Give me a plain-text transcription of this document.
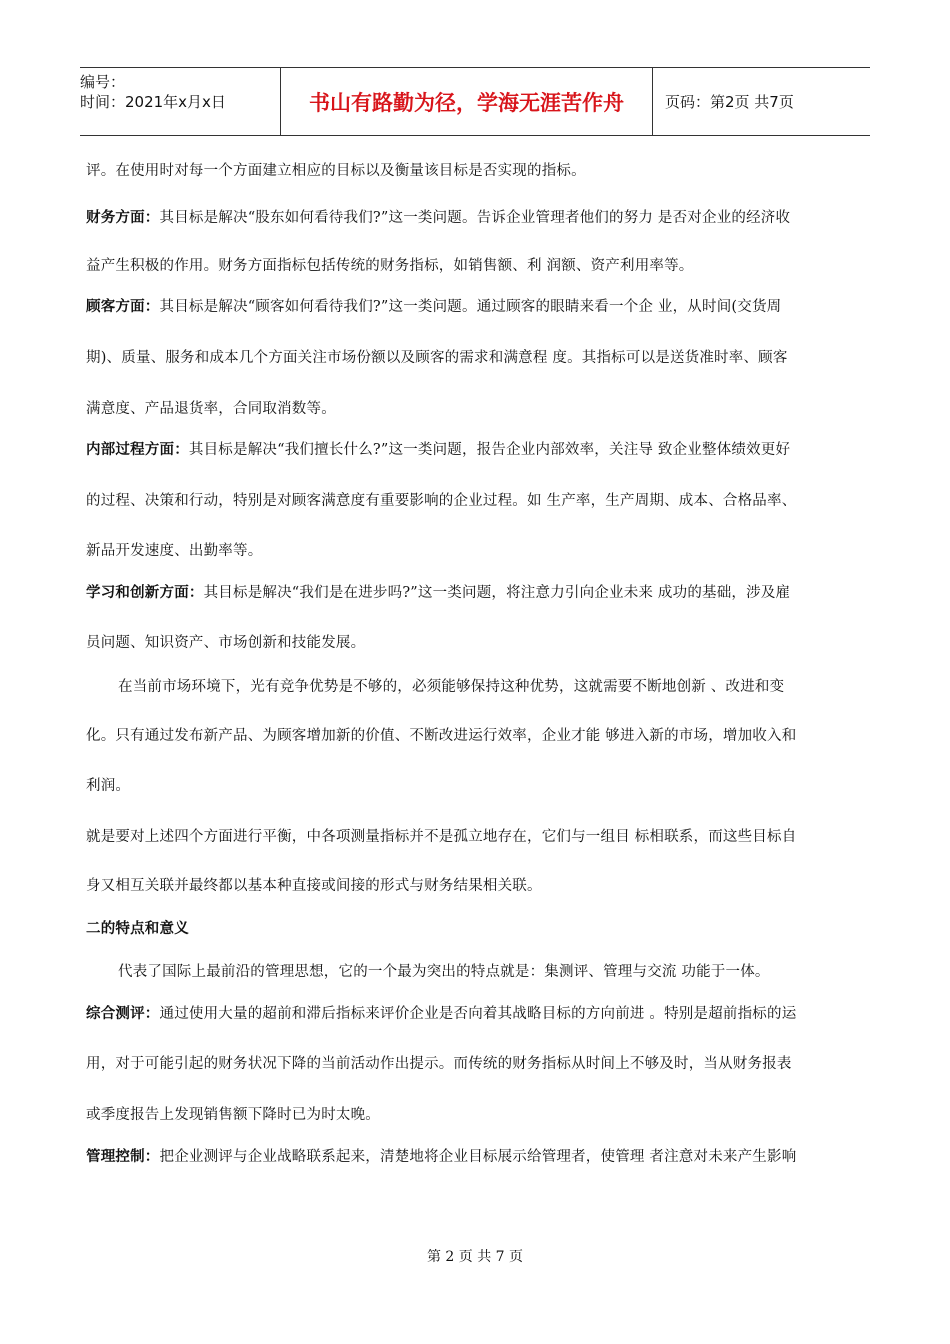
编号：
时间：2021年x月x日	书山有路勤为径，学海无涯苦作舟	页码：第2页 共7页

评。在使用时对每一个方面建立相应的目标以及衡量该目标是否实现的指标。

财务方面：其目标是解决“股东如何看待我们?”这一类问题。告诉企业管理者他们的努力 是否对企业的经济收

益产生积极的作用。财务方面指标包括传统的财务指标，如销售额、利 润额、资产利用率等。

顾客方面：其目标是解决“顾客如何看待我们?”这一类问题。通过顾客的眼睛来看一个企 业，从时间(交货周

期)、质量、服务和成本几个方面关注市场份额以及顾客的需求和满意程 度。其指标可以是送货准时率、顾客

满意度、产品退货率，合同取消数等。

内部过程方面：其目标是解决“我们擅长什么?”这一类问题，报告企业内部效率，关注导 致企业整体绩效更好

的过程、决策和行动，特别是对顾客满意度有重要影响的企业过程。如 生产率，生产周期、成本、合格品率、

新品开发速度、出勤率等。

学习和创新方面：其目标是解决“我们是在进步吗?”这一类问题，将注意力引向企业未来 成功的基础，涉及雇

员问题、知识资产、市场创新和技能发展。

在当前市场环境下，光有竞争优势是不够的，必须能够保持这种优势，这就需要不断地创新 、改进和变

化。只有通过发布新产品、为顾客增加新的价值、不断改进运行效率，企业才能 够进入新的市场，增加收入和

利润。

就是要对上述四个方面进行平衡，中各项测量指标并不是孤立地存在，它们与一组目 标相联系，而这些目标自

身又相互关联并最终都以基本种直接或间接的形式与财务结果相关联。

二的特点和意义

代表了国际上最前沿的管理思想，它的一个最为突出的特点就是：集测评、管理与交流 功能于一体。

综合测评：通过使用大量的超前和滞后指标来评价企业是否向着其战略目标的方向前进 。特别是超前指标的运

用，对于可能引起的财务状况下降的当前活动作出提示。而传统的财务指标从时间上不够及时，当从财务报表

或季度报告上发现销售额下降时已为时太晚。

管理控制：把企业测评与企业战略联系起来，清楚地将企业目标展示给管理者，使管理 者注意对未来产生影响

第 2 页 共 7 页
